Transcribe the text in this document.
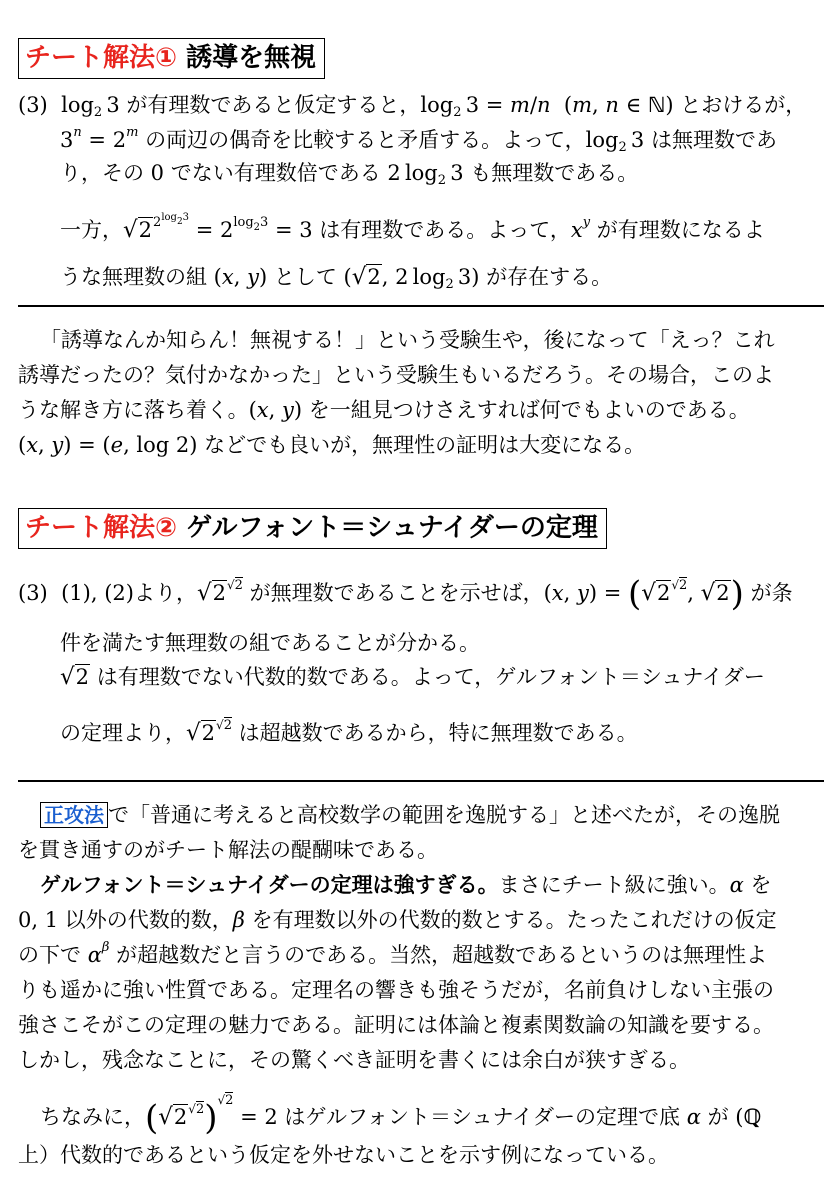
チート解法① 誘導を無視
(3)  $\log_2 3$ が有理数であると仮定すると，$\log_2 3 = m/n$  (m, n ∈ ℕ) とおけるが，
$3^n = 2^m$ の両辺の偶奇を比較すると矛盾する。よって，$\log_2 3$ は無理数であ
り，その 0 でない有理数倍である 2 $\log_2 3$ も無理数である。
一方，$√2^{2^{log_23}} = 2^{log_23} = 3$ は有理数である。よって，$x^y$ が有理数になるよ
うな無理数の組 (x, y) として (√2, 2 $\log_2 3$) が存在する。
「誘導なんか知らん！無視する！」という受験生や，後になって「えっ？これ
誘導だったの？気付かなかった」という受験生もいるだろう。その場合，このよ
うな解き方に落ち着く。(x, y) を一組見つけさえすれば何でもよいのである。
(x, y) = (e, log 2) などでも良いが，無理性の証明は大変になる。
チート解法② ゲルフォント＝シュナイダーの定理
(3)  (1), (2)より，$√2^{√2}$ が無理数であることを示せば，(x, $y) = (√2^{√2}$, √2) が条
件を満たす無理数の組であることが分かる。
√2 は有理数でない代数的数である。よって，ゲルフォント＝シュナイダー
の定理より，$√2^{√2}$ は超越数であるから，特に無理数である。
正攻法 で「普通に考えると高校数学の範囲を逸脱する」と述べたが，その逸脱
を貫き通すのがチート解法の醍醐味である。
ゲルフォント＝シュナイダーの定理は強すぎる。まさにチート級に強い。α を
0, 1 以外の代数的数，β を有理数以外の代数的数とする。たったこれだけの仮定
の下で $\alpha^\beta$ が超越数だと言うのである。当然，超越数であるというのは無理性よ
りも遥かに強い性質である。定理名の響きも強そうだが，名前負けしない主張の
強さこそがこの定理の魅力である。証明には体論と複素関数論の知識を要する。
しかし，残念なことに，その驚くべき証明を書くには余白が狭すぎる。
ちなみに，$(√2^{√2})^{√2} = 2$ はゲルフォント＝シュナイダーの定理で底 α が (ℚ
上）代数的であるという仮定を外せないことを示す例になっている。
